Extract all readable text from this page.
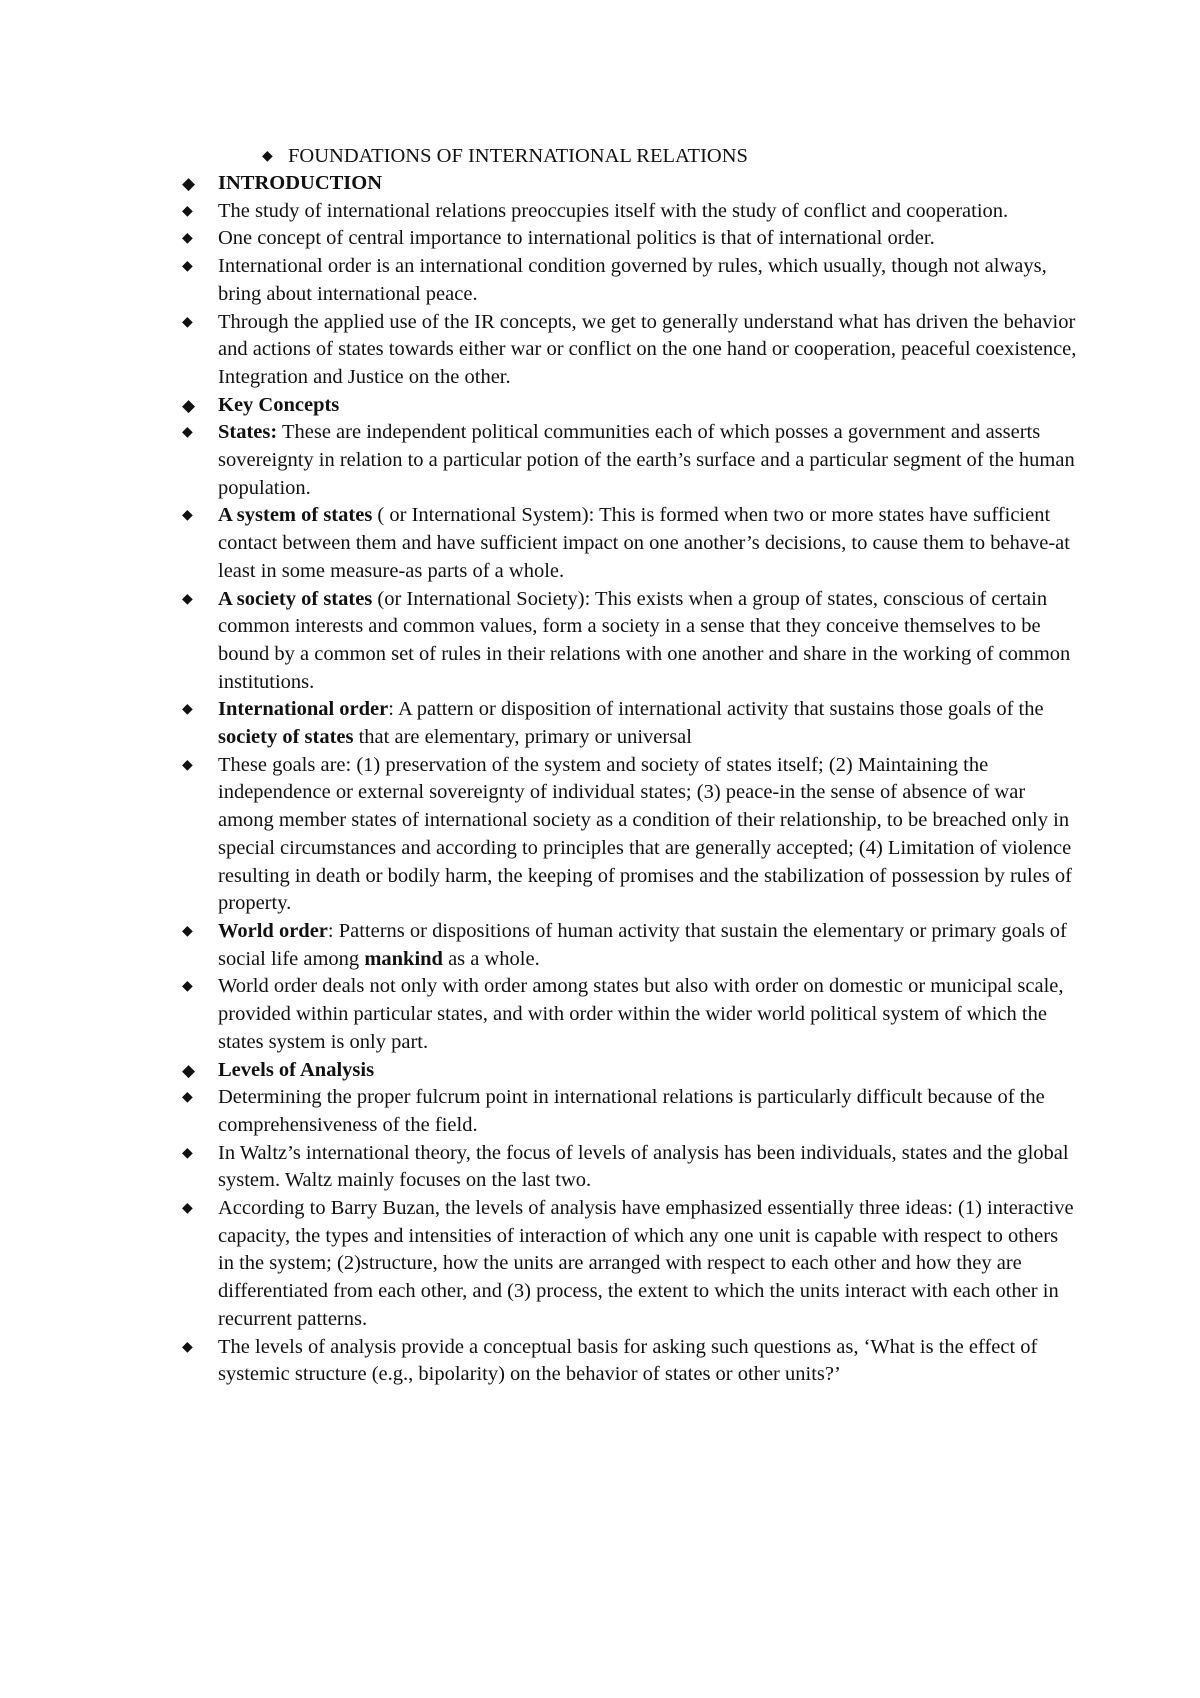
◆ FOUNDATIONS OF INTERNATIONAL RELATIONS
◆ INTRODUCTION
◆ The study of international relations preoccupies itself with the study of conflict and cooperation.
◆ One concept of central importance to international politics is that of international order.
◆ International order is an international condition governed by rules, which usually, though not always, bring about international peace.
◆ Through the applied use of the IR concepts, we get to generally understand what has driven the behavior and actions of states towards either war or conflict on the one hand or cooperation, peaceful coexistence, Integration and Justice on the other.
◆ Key Concepts
◆ States: These are independent political communities each of which posses a government and asserts sovereignty in relation to a particular potion of the earth’s surface and a particular segment of the human population.
◆ A system of states ( or International System): This is formed when two or more states have sufficient contact between them and have sufficient impact on one another’s decisions, to cause them to behave-at least in some measure-as parts of a whole.
◆ A society of states (or International Society): This exists when a group of states, conscious of certain common interests and common values, form a society in a sense that they conceive themselves to be bound by a common set of rules in their relations with one another and share in the working of common institutions.
◆ International order: A pattern or disposition of international activity that sustains those goals of the society of states that are elementary, primary or universal
◆ These goals are: (1) preservation of the system and society of states itself; (2) Maintaining the independence or external sovereignty of individual states; (3) peace-in the sense of absence of war among member states of international society as a condition of their relationship, to be breached only in special circumstances and according to principles that are generally accepted; (4) Limitation of violence resulting in death or bodily harm, the keeping of promises and the stabilization of possession by rules of property.
◆ World order: Patterns or dispositions of human activity that sustain the elementary or primary goals of social life among mankind as a whole.
◆ World order deals not only with order among states but also with order on domestic or municipal scale, provided within particular states, and with order within the wider world political system of which the states system is only part.
◆ Levels of Analysis
◆ Determining the proper fulcrum point in international relations is particularly difficult because of the comprehensiveness of the field.
◆ In Waltz’s international theory, the focus of levels of analysis has been individuals, states and the global system. Waltz mainly focuses on the last two.
◆ According to Barry Buzan, the levels of analysis have emphasized essentially three ideas: (1) interactive capacity, the types and intensities of interaction of which any one unit is capable with respect to others in the system; (2)structure, how the units are arranged with respect to each other and how they are differentiated from each other, and (3) process, the extent to which the units interact with each other in recurrent patterns.
◆ The levels of analysis provide a conceptual basis for asking such questions as, ‘What is the effect of systemic structure (e.g., bipolarity) on the behavior of states or other units?’
